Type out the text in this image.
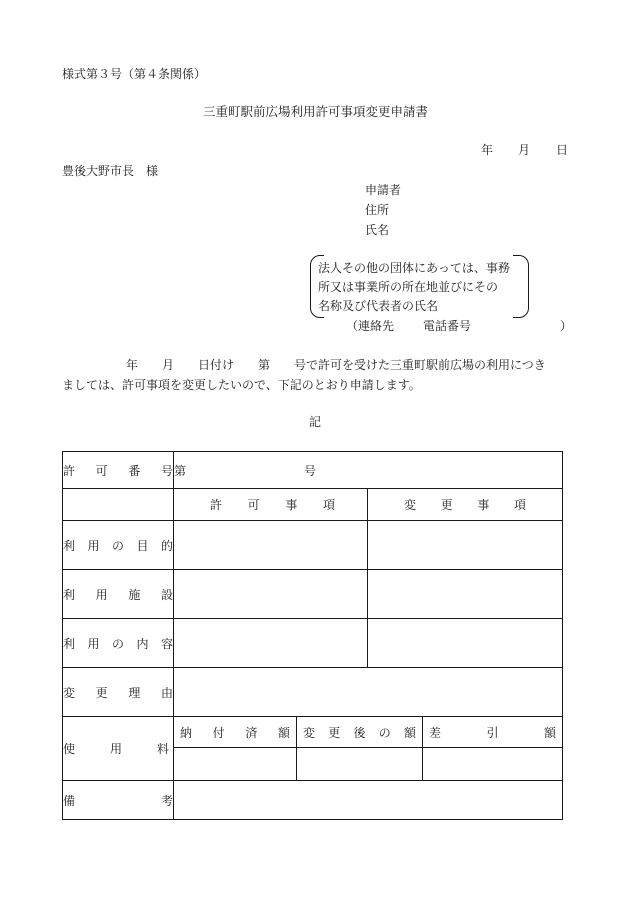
様式第３号（第４条関係）
三重町駅前広場利用許可事項変更申請書
年 月 日
豊後大野市長　様
申請者
住所
氏名
法人その他の団体にあっては、事務
所又は事業所の所在地並びにその
名称及び代表者の氏名
（連絡先 電話番号	）
年　　月　　日付け　　第　　号で許可を受けた三重町駅前広場の利用につき
ましては、許可事項を変更したいので、下記のとおり申請します。
記
許 可 番 号	第 号			

	許 可 事 項		変 更 事 項	

利 用 の 目 的				

利 用 施 設				

利 用 の 内 容				

変 更 理 由				

使 用 料	納 付 済 額	変 更 後 の 額		差 引 額

備 考				
